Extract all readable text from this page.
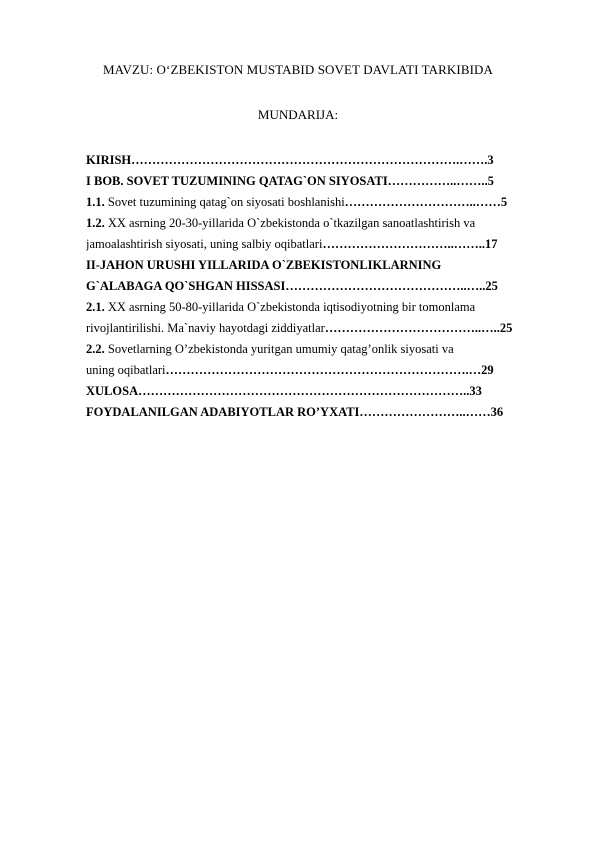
MAVZU: O‘ZBEKISTON MUSTABID SOVET DAVLATI TARKIBIDA
MUNDARIJA:
KIRISH…………………………………………………………………….…….3
I BOB. SOVET TUZUMINING QATAG`ON SIYOSATI……………..……..5
1.1. Sovet tuzumining qatag`on siyosati boshlanishi…………………………..……5
1.2. XX asrning 20-30-yillarida O`zbekistonda o`tkazilgan sanoatlashtirish va
jamoalashtirish siyosati, uning salbiy oqibatlari…………………………..……..17
II-JAHON URUSHI YILLARIDA O`ZBEKISTONLIKLARNING
G`ALABAGA QO`SHGAN HISSASI……………………………………..…..25
2.1. XX asrning 50-80-yillarida O`zbekistonda iqtisodiyotning bir tomonlama
rivojlantirilishi. Ma`naviy hayotdagi ziddiyatlar………………………………..…..25
2.2. Sovetlarning O’zbekistonda yuritgan umumiy qatag’onlik siyosati va
uning oqibatlari……………………………………………………………….…29
XULOSA……………………………………………………………………..33
FOYDALANILGAN ADABIYOTLAR RO’YXATI……………………..……36
